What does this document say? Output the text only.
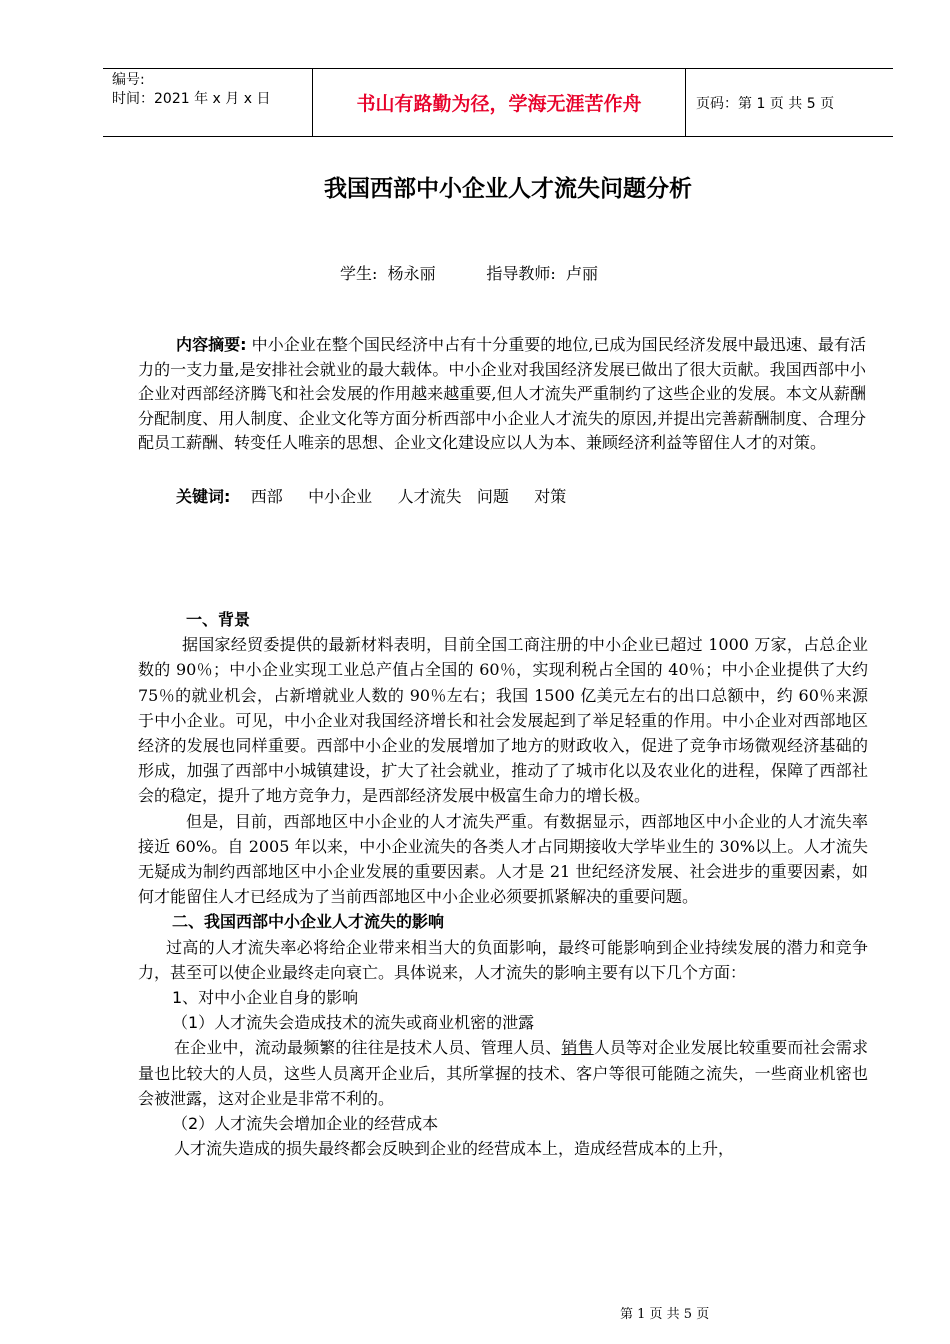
编号:
时间：2021 年 x 月 x 日	书山有路勤为径，学海无涯苦作舟	页码：第 1 页 共 5 页
我国西部中小企业人才流失问题分析
学生:  杨永丽          指导教师:  卢丽
内容摘要: 中小企业在整个国民经济中占有十分重要的地位,已成为国民经济发展中最迅速、最有活力的一支力量,是安排社会就业的最大载体。中小企业对我国经济发展已做出了很大贡献。我国西部中小企业对西部经济腾飞和社会发展的作用越来越重要,但人才流失严重制约了这些企业的发展。本文从薪酬分配制度、用人制度、企业文化等方面分析西部中小企业人才流失的原因,并提出完善薪酬制度、合理分配员工薪酬、转变任人唯亲的思想、企业文化建设应以人为本、兼顾经济利益等留住人才的对策。
关键词:    西部     中小企业     人才流失   问题     对策

一、背景

据国家经贸委提供的最新材料表明，目前全国工商注册的中小企业已超过 1000 万家，占总企业数的 90％；中小企业实现工业总产值占全国的 60％，实现利税占全国的 40％；中小企业提供了大约 75％的就业机会，占新增就业人数的 90％左右；我国 1500 亿美元左右的出口总额中，约 60％来源于中小企业。可见，中小企业对我国经济增长和社会发展起到了举足轻重的作用。中小企业对西部地区经济的发展也同样重要。西部中小企业的发展增加了地方的财政收入，促进了竞争市场微观经济基础的形成，加强了西部中小城镇建设，扩大了社会就业，推动了了城市化以及农业化的进程，保障了西部社会的稳定，提升了地方竞争力，是西部经济发展中极富生命力的增长极。

但是，目前，西部地区中小企业的人才流失严重。有数据显示，西部地区中小企业的人才流失率接近 60%。自 2005 年以来，中小企业流失的各类人才占同期接收大学毕业生的 30%以上。人才流失无疑成为制约西部地区中小企业发展的重要因素。人才是 21 世纪经济发展、社会进步的重要因素，如何才能留住人才已经成为了当前西部地区中小企业必须要抓紧解决的重要问题。

二、我国西部中小企业人才流失的影响

过高的人才流失率必将给企业带来相当大的负面影响，最终可能影响到企业持续发展的潜力和竞争力，甚至可以使企业最终走向衰亡。具体说来，人才流失的影响主要有以下几个方面：

1、对中小企业自身的影响

（1）人才流失会造成技术的流失或商业机密的泄露

在企业中，流动最频繁的往往是技术人员、管理人员、销售人员等对企业发展比较重要而社会需求量也比较大的人员，这些人员离开企业后，其所掌握的技术、客户等很可能随之流失，一些商业机密也会被泄露，这对企业是非常不利的。

（2）人才流失会增加企业的经营成本

人才流失造成的损失最终都会反映到企业的经营成本上，造成经营成本的上升，

第 1 页 共 5 页
